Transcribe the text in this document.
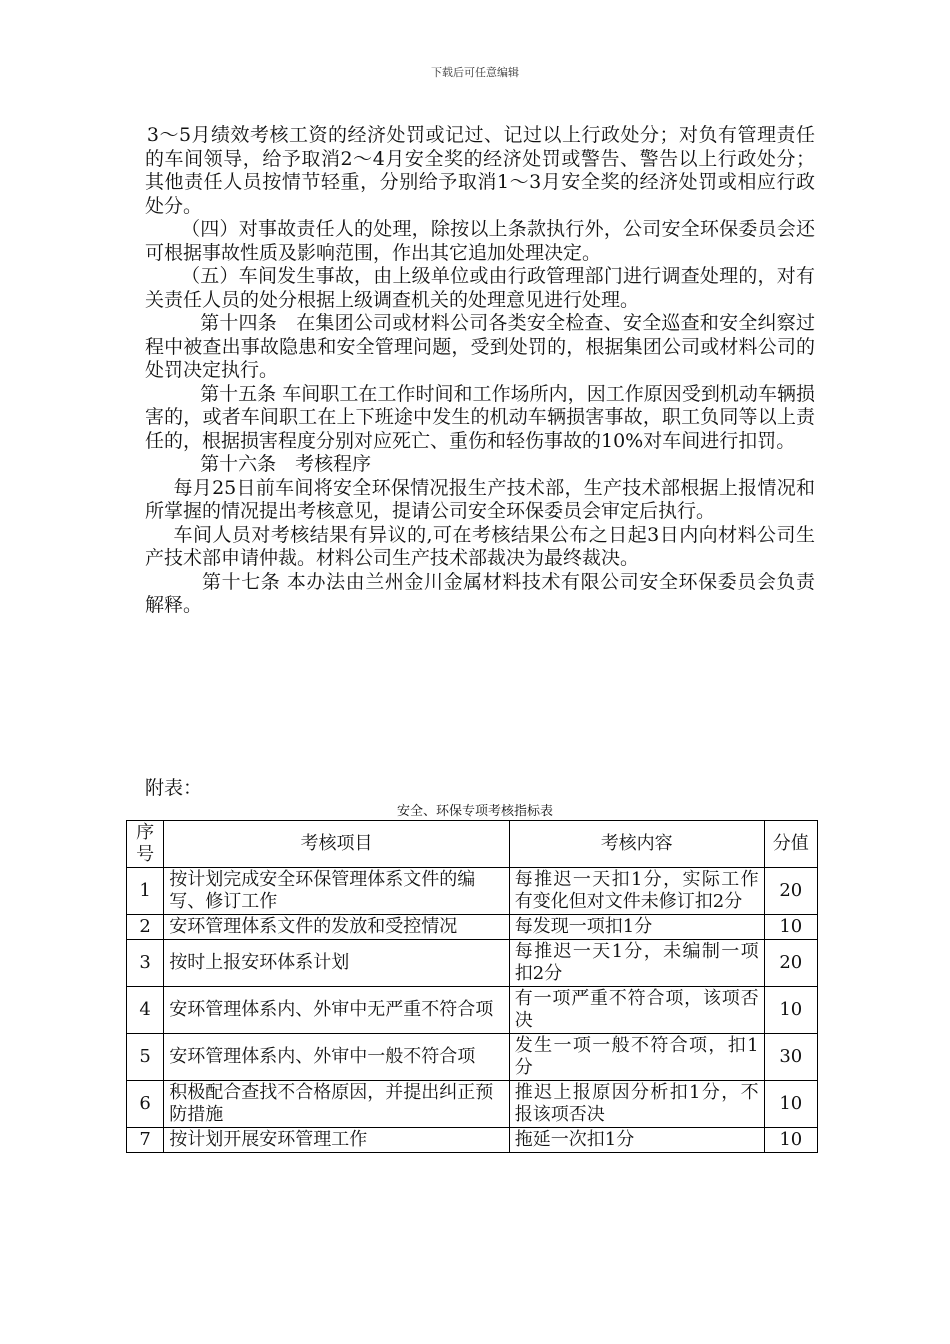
下载后可任意编辑

3～5月绩效考核工资的经济处罚或记过、记过以上行政处分；对负有管理责任的车间领导，给予取消2～4月安全奖的经济处罚或警告、警告以上行政处分；其他责任人员按情节轻重，分别给予取消1～3月安全奖的经济处罚或相应行政处分。

（四）对事故责任人的处理，除按以上条款执行外，公司安全环保委员会还可根据事故性质及影响范围，作出其它追加处理决定。

（五）车间发生事故，由上级单位或由行政管理部门进行调查处理的，对有关责任人员的处分根据上级调查机关的处理意见进行处理。

第十四条　在集团公司或材料公司各类安全检查、安全巡查和安全纠察过程中被查出事故隐患和安全管理问题，受到处罚的，根据集团公司或材料公司的处罚决定执行。

第十五条 车间职工在工作时间和工作场所内，因工作原因受到机动车辆损害的，或者车间职工在上下班途中发生的机动车辆损害事故，职工负同等以上责任的，根据损害程度分别对应死亡、重伤和轻伤事故的10%对车间进行扣罚。

第十六条　考核程序

每月25日前车间将安全环保情况报生产技术部，生产技术部根据上报情况和所掌握的情况提出考核意见，提请公司安全环保委员会审定后执行。

车间人员对考核结果有异议的,可在考核结果公布之日起3日内向材料公司生产技术部申请仲裁。材料公司生产技术部裁决为最终裁决。

第十七条 本办法由兰州金川金属材料技术有限公司安全环保委员会负责解释。

附表：
安全、环保专项考核指标表
序号	考核项目	考核内容	分值
1	按计划完成安全环保管理体系文件的编写、修订工作	每推迟一天扣1分，实际工作有变化但对文件未修订扣2分	20
2	安环管理体系文件的发放和受控情况	每发现一项扣1分	10
3	按时上报安环体系计划	每推迟一天1分，未编制一项扣2分	20
4	安环管理体系内、外审中无严重不符合项	有一项严重不符合项，该项否决	10
5	安环管理体系内、外审中一般不符合项	发生一项一般不符合项，扣1分	30
6	积极配合查找不合格原因，并提出纠正预防措施	推迟上报原因分析扣1分，不报该项否决	10
7	按计划开展安环管理工作	拖延一次扣1分	10
